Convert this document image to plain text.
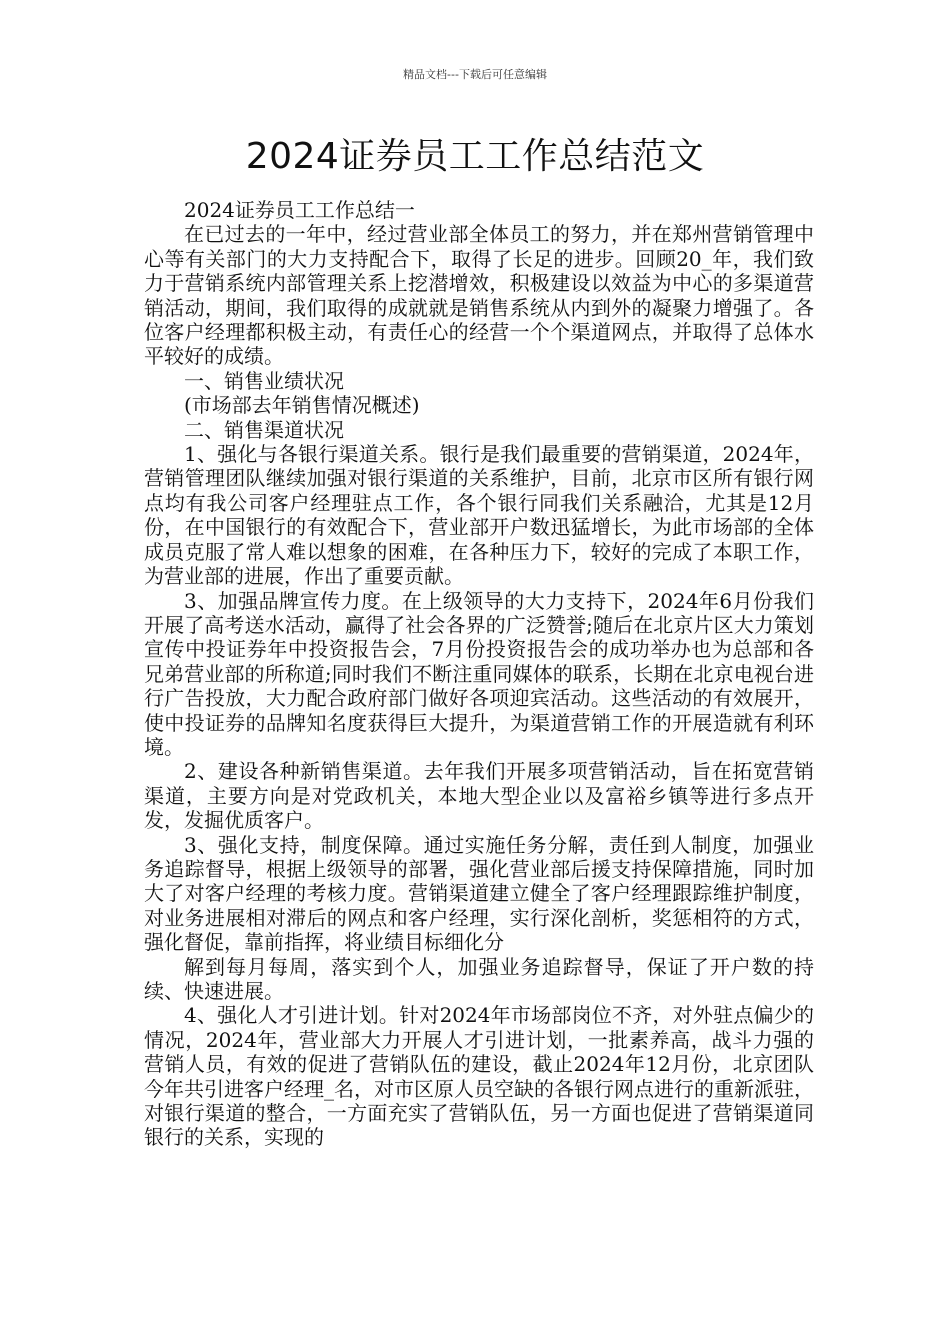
精品文档---下载后可任意编辑
2024证券员工工作总结范文

2024证券员工工作总结一

在已过去的一年中，经过营业部全体员工的努力，并在郑州营销管理中心等有关部门的大力支持配合下，取得了长足的进步。回顾20_年，我们致力于营销系统内部管理关系上挖潜增效，积极建设以效益为中心的多渠道营销活动，期间，我们取得的成就就是销售系统从内到外的凝聚力增强了。各位客户经理都积极主动，有责任心的经营一个个渠道网点，并取得了总体水平较好的成绩。

一、销售业绩状况

(市场部去年销售情况概述)

二、销售渠道状况

1、强化与各银行渠道关系。银行是我们最重要的营销渠道，2024年，营销管理团队继续加强对银行渠道的关系维护，目前，北京市区所有银行网点均有我公司客户经理驻点工作，各个银行同我们关系融洽，尤其是12月份，在中国银行的有效配合下，营业部开户数迅猛增长，为此市场部的全体成员克服了常人难以想象的困难，在各种压力下，较好的完成了本职工作，为营业部的进展，作出了重要贡献。

3、加强品牌宣传力度。在上级领导的大力支持下，2024年6月份我们开展了高考送水活动，赢得了社会各界的广泛赞誉;随后在北京片区大力策划宣传中投证券年中投资报告会，7月份投资报告会的成功举办也为总部和各兄弟营业部的所称道;同时我们不断注重同媒体的联系，长期在北京电视台进行广告投放，大力配合政府部门做好各项迎宾活动。这些活动的有效展开，使中投证券的品牌知名度获得巨大提升，为渠道营销工作的开展造就有利环境。

2、建设各种新销售渠道。去年我们开展多项营销活动，旨在拓宽营销渠道，主要方向是对党政机关，本地大型企业以及富裕乡镇等进行多点开发，发掘优质客户。

3、强化支持，制度保障。通过实施任务分解，责任到人制度，加强业务追踪督导，根据上级领导的部署，强化营业部后援支持保障措施，同时加大了对客户经理的考核力度。营销渠道建立健全了客户经理跟踪维护制度，对业务进展相对滞后的网点和客户经理，实行深化剖析，奖惩相符的方式，强化督促，靠前指挥，将业绩目标细化分

解到每月每周，落实到个人，加强业务追踪督导，保证了开户数的持续、快速进展。

4、强化人才引进计划。针对2024年市场部岗位不齐，对外驻点偏少的情况，2024年，营业部大力开展人才引进计划，一批素养高，战斗力强的营销人员，有效的促进了营销队伍的建设，截止2024年12月份，北京团队今年共引进客户经理_名，对市区原人员空缺的各银行网点进行的重新派驻，对银行渠道的整合，一方面充实了营销队伍，另一方面也促进了营销渠道同银行的关系，实现的
